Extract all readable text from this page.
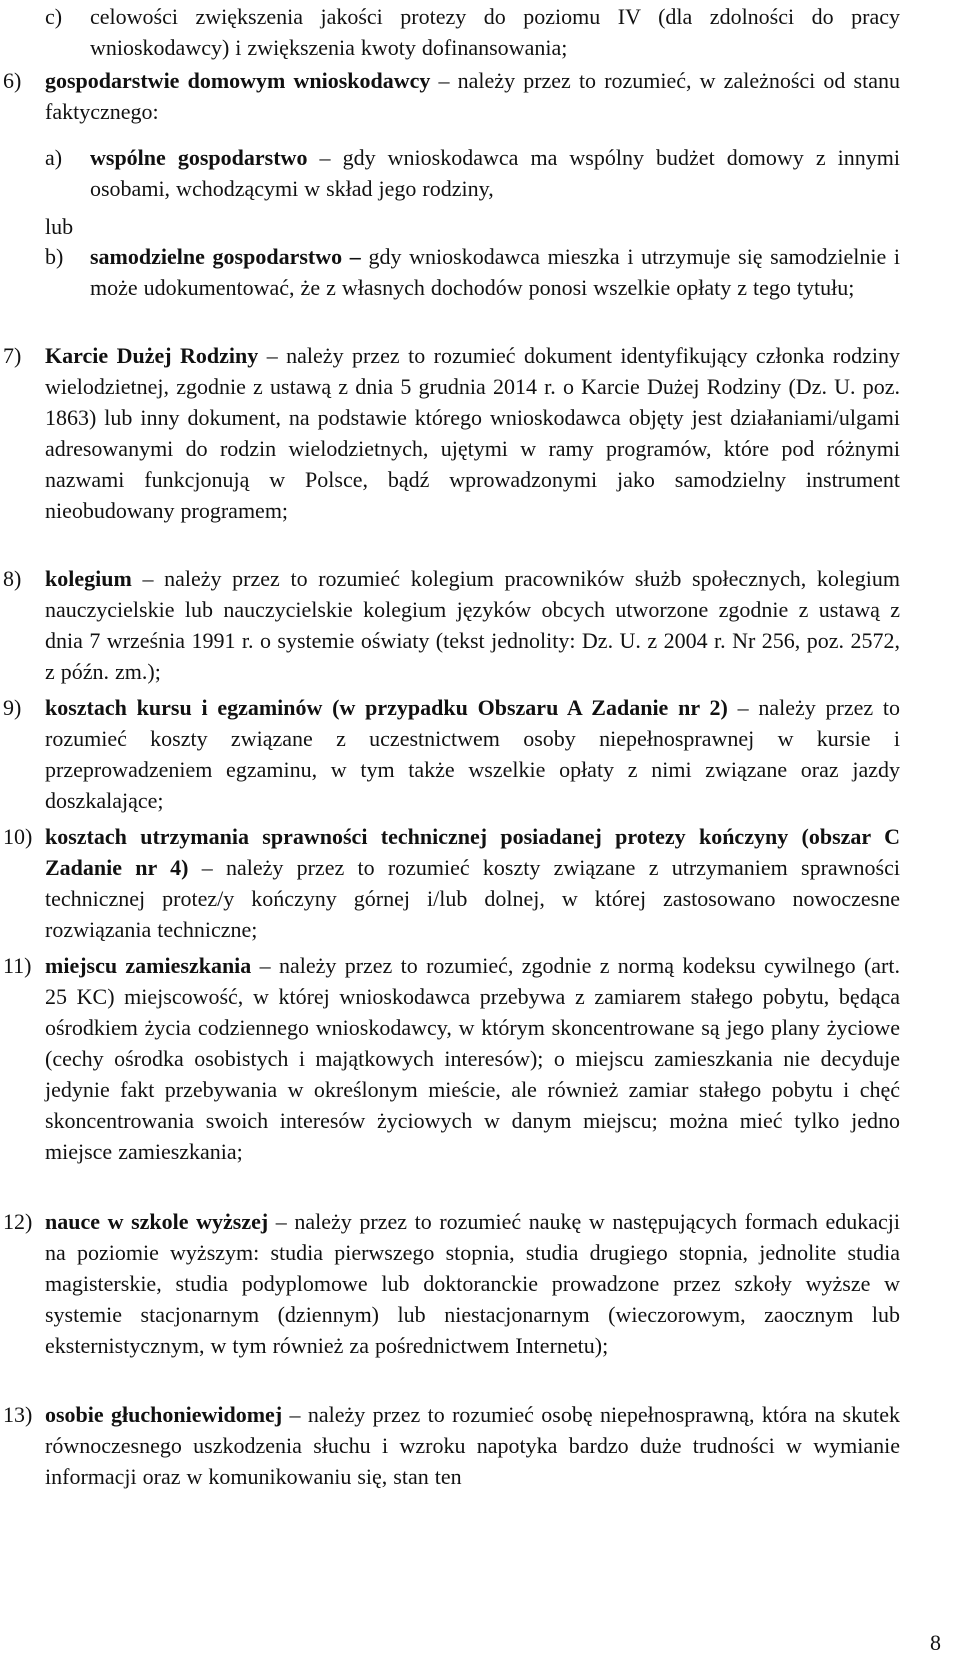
c) celowości zwiększenia jakości protezy do poziomu IV (dla zdolności do pracy wnioskodawcy) i zwiększenia kwoty dofinansowania;
6) gospodarstwie domowym wnioskodawcy – należy przez to rozumieć, w zależności od stanu faktycznego:
a) wspólne gospodarstwo – gdy wnioskodawca ma wspólny budżet domowy z innymi osobami, wchodzącymi w skład jego rodziny,
lub
b) samodzielne gospodarstwo – gdy wnioskodawca mieszka i utrzymuje się samodzielnie i może udokumentować, że z własnych dochodów ponosi wszelkie opłaty z tego tytułu;
7) Karcie Dużej Rodziny – należy przez to rozumieć dokument identyfikujący członka rodziny wielodzietnej, zgodnie z ustawą z dnia 5 grudnia 2014 r. o Karcie Dużej Rodziny (Dz. U. poz. 1863) lub inny dokument, na podstawie którego wnioskodawca objęty jest działaniami/ulgami adresowanymi do rodzin wielodzietnych, ujętymi w ramy programów, które pod różnymi nazwami funkcjonują w Polsce, bądź wprowadzonymi jako samodzielny instrument nieobudowany programem;
8) kolegium – należy przez to rozumieć kolegium pracowników służb społecznych, kolegium nauczycielskie lub nauczycielskie kolegium języków obcych utworzone zgodnie z ustawą z dnia 7 września 1991 r. o systemie oświaty (tekst jednolity: Dz. U. z 2004 r. Nr 256, poz. 2572, z późn. zm.);
9) kosztach kursu i egzaminów (w przypadku Obszaru A Zadanie nr 2) – należy przez to rozumieć koszty związane z uczestnictwem osoby niepełnosprawnej w kursie i przeprowadzeniem egzaminu, w tym także wszelkie opłaty z nimi związane oraz jazdy doszkalające;
10) kosztach utrzymania sprawności technicznej posiadanej protezy kończyny (obszar C Zadanie nr 4) – należy przez to rozumieć koszty związane z utrzymaniem sprawności technicznej protez/y kończyny górnej i/lub dolnej, w której zastosowano nowoczesne rozwiązania techniczne;
11) miejscu zamieszkania – należy przez to rozumieć, zgodnie z normą kodeksu cywilnego (art. 25 KC) miejscowość, w której wnioskodawca przebywa z zamiarem stałego pobytu, będąca ośrodkiem życia codziennego wnioskodawcy, w którym skoncentrowane są jego plany życiowe (cechy ośrodka osobistych i majątkowych interesów); o miejscu zamieszkania nie decyduje jedynie fakt przebywania w określonym mieście, ale również zamiar stałego pobytu i chęć skoncentrowania swoich interesów życiowych w danym miejscu; można mieć tylko jedno miejsce zamieszkania;
12) nauce w szkole wyższej – należy przez to rozumieć naukę w następujących formach edukacji na poziomie wyższym: studia pierwszego stopnia, studia drugiego stopnia, jednolite studia magisterskie, studia podyplomowe lub doktoranckie prowadzone przez szkoły wyższe w systemie stacjonarnym (dziennym) lub niestacjonarnym (wieczorowym, zaocznym lub eksternistycznym, w tym również za pośrednictwem Internetu);
13) osobie głuchoniewidomej – należy przez to rozumieć osobę niepełnosprawną, która na skutek równoczesnego uszkodzenia słuchu i wzroku napotyka bardzo duże trudności w wymianie informacji oraz w komunikowaniu się, stan ten
8
